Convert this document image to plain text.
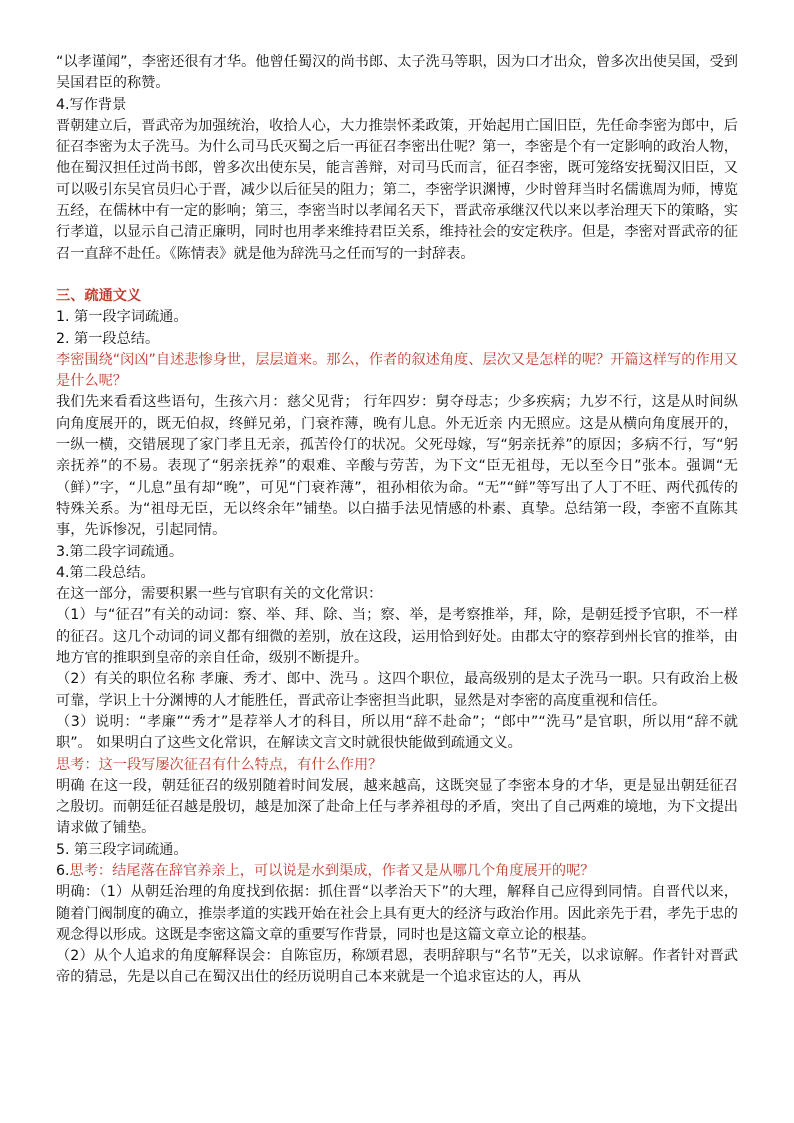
“以孝谨闻”，李密还很有才华。他曾任蜀汉的尚书郎、太子洗马等职，因为口才出众，曾多次出使吴国，受到吴国君臣的称赞。

4.写作背景

晋朝建立后，晋武帝为加强统治，收拾人心，大力推崇怀柔政策，开始起用亡国旧臣，先任命李密为郎中，后征召李密为太子洗马。为什么司马氏灭蜀之后一再征召李密出仕呢？第一，李密是个有一定影响的政治人物，他在蜀汉担任过尚书郎，曾多次出使东吴，能言善辩，对司马氏而言，征召李密，既可笼络安抚蜀汉旧臣，又可以吸引东吴官员归心于晋，减少以后征吴的阻力；第二，李密学识渊博，少时曾拜当时名儒谯周为师，博览五经，在儒林中有一定的影响；第三，李密当时以孝闻名天下，晋武帝承继汉代以来以孝治理天下的策略，实行孝道，以显示自己清正廉明，同时也用孝来维持君臣关系，维持社会的安定秩序。但是，李密对晋武帝的征召一直辞不赴任。《陈情表》就是他为辞洗马之任而写的一封辞表。

三、疏通文义

1. 第一段字词疏通。

2. 第一段总结。

李密围绕“闵凶”自述悲惨身世，层层道来。那么，作者的叙述角度、层次又是怎样的呢？开篇这样写的作用又是什么呢？

我们先来看看这些语句，生孩六月：慈父见背； 行年四岁：舅夺母志；少多疾病；九岁不行，这是从时间纵向角度展开的，既无伯叔，终鲜兄弟，门衰祚薄，晚有儿息。外无近亲 内无照应。这是从横向角度展开的，一纵一横，交错展现了家门孝且无亲，孤苦伶仃的状况。父死母嫁，写“躬亲抚养”的原因；多病不行，写“躬亲抚养”的不易。表现了“躬亲抚养”的艰难、辛酸与劳苦，为下文“臣无祖母，无以至今日”张本。强调“无（鲜）”字，“儿息”虽有却“晚”，可见“门衰祚薄”，祖孙相依为命。“无”“鲜”等写出了人丁不旺、两代孤传的特殊关系。为“祖母无臣，无以终余年”铺垫。以白描手法见情感的朴素、真挚。总结第一段，李密不直陈其事，先诉惨况，引起同情。

3.第二段字词疏通。

4.第二段总结。

在这一部分，需要积累一些与官职有关的文化常识：

（1）与“征召”有关的动词：察、举、拜、除、当；察、举，是考察推举，拜，除，是朝廷授予官职，不一样的征召。这几个动词的词义都有细微的差别，放在这段，运用恰到好处。由郡太守的察荐到州长官的推举，由地方官的推职到皇帝的亲自任命，级别不断提升。

（2）有关的职位名称 孝廉、秀才、郎中、洗马 。这四个职位，最高级别的是太子洗马一职。只有政治上极可靠，学识上十分渊博的人才能胜任，晋武帝让李密担当此职，显然是对李密的高度重视和信任。

（3）说明：“孝廉”“秀才”是荐举人才的科目，所以用“辞不赴命”；“郎中”“洗马”是官职，所以用“辞不就职”。 如果明白了这些文化常识，在解读文言文时就很快能做到疏通文义。

思考：这一段写屡次征召有什么特点，有什么作用？

明确 在这一段，朝廷征召的级别随着时间发展，越来越高，这既突显了李密本身的才华，更是显出朝廷征召之殷切。而朝廷征召越是殷切，越是加深了赴命上任与孝养祖母的矛盾，突出了自己两难的境地，为下文提出请求做了铺垫。

5. 第三段字词疏通。

6.思考：结尾落在辞官养亲上，可以说是水到渠成，作者又是从哪几个角度展开的呢？

明确：（1）从朝廷治理的角度找到依据：抓住晋“以孝治天下”的大理，解释自己应得到同情。自晋代以来，随着门阀制度的确立，推崇孝道的实践开始在社会上具有更大的经济与政治作用。因此亲先于君，孝先于忠的观念得以形成。这既是李密这篇文章的重要写作背景，同时也是这篇文章立论的根基。

（2）从个人追求的角度解释误会：自陈宦历，称颂君恩，表明辞职与“名节”无关，以求谅解。作者针对晋武帝的猜忌，先是以自己在蜀汉出仕的经历说明自己本来就是一个追求宦达的人，再从
